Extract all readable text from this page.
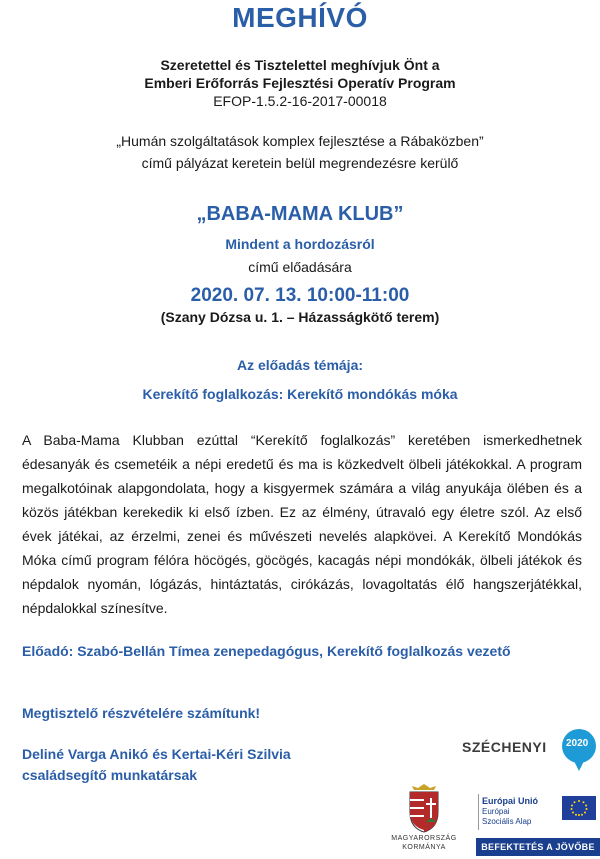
MEGHÍVÓ
Szeretettel és Tisztelettel meghívjuk Önt a
Emberi Erőforrás Fejlesztési Operatív Program
EFOP-1.5.2-16-2017-00018
„Humán szolgáltatások komplex fejlesztése a Rábaközben”
című pályázat keretein belül megrendezésre kerülő
„BABA-MAMA KLUB”
Mindent a hordozásról
című előadására
2020. 07. 13. 10:00-11:00
(Szany Dózsa u. 1. – Házasságkötő terem)
Az előadás témája:
Kerekítő foglalkozás: Kerekítő mondókás móka
A Baba-Mama Klubban ezúttal “Kerekítő foglalkozás” keretében ismerkedhetnek édesanyák és csemetéik a népi eredetű és ma is közkedvelt ölbeli játékokkal. A program megalkotóinak alapgondolata, hogy a kisgyermek számára a világ anyukája ölében és a közös játékban kerekedik ki első ízben. Ez az élmény, útravaló egy életre szól. Az első évek játékai, az érzelmi, zenei és művészeti nevelés alapkövei. A Kerekítő Mondókás Móka című program félóra höcögés, göcögés, kacagás népi mondókák, ölbeli játékok és népdalok nyomán, lógázás, hintáztatás, cirókázás, lovagoltatás élő hangszerjátékkal, népdalokkal színesítve.
Előadó: Szabó-Bellán Tímea zenepedagógus, Kerekítő foglalkozás vezető
Megtisztelő részvételére számítunk!
Deliné Varga Anikó és Kertai-Kéri Szilvia
családsegítő munkatársak
SZÉCHENYI 2020
MAGYARORSZÁG
KORMÁNYA
Európai Unió
Európai Szociális Alap
BEFEKTETÉS A JÖVŐBE
